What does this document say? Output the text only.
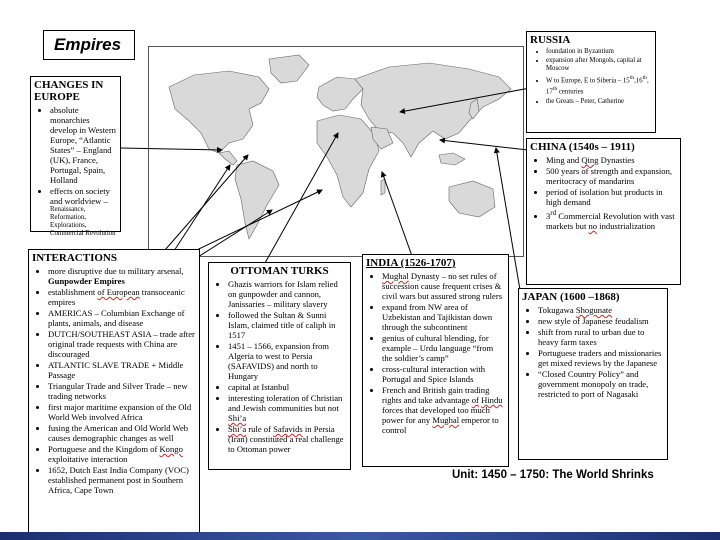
Empires
CHANGES IN EUROPE
• absolute monarchies develop in Western Europe, “Atlantic States” – England (UK), France, Portugal, Spain, Holland
• effects on society and worldview –
Renaissance, Reformation, Explorations, Commercial Revolution
INTERACTIONS
• more disruptive due to military arsenal, Gunpowder Empires
• establishment of European transoceanic empires
• AMERICAS – Columbian Exchange of plants, animals, and disease
• DUTCH/SOUTHEAST ASIA – trade after original trade requests with China are discouraged
• ATLANTIC SLAVE TRADE + Middle Passage
• Triangular Trade and Silver Trade – new trading networks
• first major maritime expansion of the Old World Web involved Africa
• fusing the American and Old World Web causes demographic changes as well
• Portuguese and the Kingdom of Kongo exploitative interaction
• 1652, Dutch East India Company (VOC) established permanent post in Southern Africa, Cape Town
OTTOMAN TURKS
• Ghazis warriors for Islam relied on gunpowder and cannon, Janissaries – military slavery
• followed the Sultan & Sunni Islam, claimed title of caliph in 1517
• 1451 – 1566, expansion from Algeria to west to Persia (SAFAVIDS) and north to Hungary
• capital at Istanbul
• interesting toleration of Christian and Jewish communities but not Shi’a
• Shi’a rule of Safavids in Persia (Iran) constituted a real challenge to Ottoman power
INDIA (1526-1707)
• Mughal Dynasty – no set rules of succession cause frequent crises & civil wars but assured strong rulers
• expand from NW area of Uzbekistan and Tajikistan down through the subcontinent
• genius of cultural blending, for example – Urdu language “from the soldier’s camp”
• cross-cultural interaction with Portugal and Spice Islands
• French and British gain trading rights and take advantage of Hindu forces that developed too much power for any Mughal emperor to control
RUSSIA
• foundation in Byzantium
• expansion after Mongols, capital at Moscow
• W to Europe, E to Siberia – 15th,16th, 17th centuries
• the Greats – Peter, Catherine
CHINA (1540s – 1911)
• Ming and Qing Dynasties
• 500 years of strength and expansion, meritocracy of mandarins
• period of isolation but products in high demand
• 3rd Commercial Revolution with vast markets but no industrialization
JAPAN (1600 –1868)
• Tokugawa Shogunate
• new style of Japanese feudalism
• shift from rural to urban due to heavy farm taxes
• Portuguese traders and missionaries get mixed reviews by the Japanese
• “Closed Country Policy” and government monopoly on trade, restricted to port of Nagasaki
Unit: 1450 – 1750: The World Shrinks
